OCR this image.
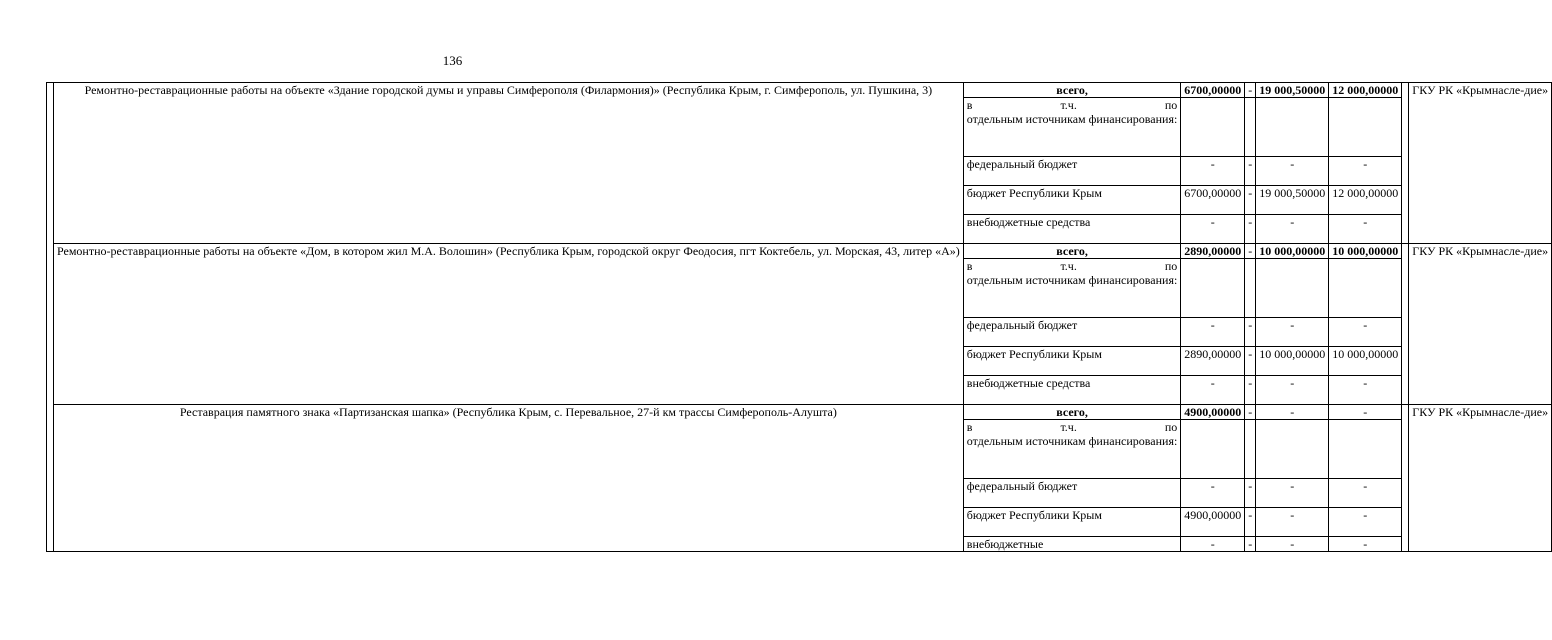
136
	Ремонтно-реставрационные работы на объекте «Здание городской думы и управы Симферополя (Филармония)» (Республика Крым, г. Симферополь, ул. Пушкина, 3)	всего,	6700,00000	-	19 000,50000	12 000,00000		ГКУ РК «Крымнасле-дие»

		в т.ч. по
отдельным источникам финансирования:						

		федеральный бюджет	-	-	-	-		
		бюджет Республики Крым	6700,00000	-	19 000,50000	12 000,00000		
		внебюджетные средства	-	-	-	-		
	Ремонтно-реставрационные работы на объекте «Дом, в котором жил М.А. Волошин» (Республика Крым, городской округ Феодосия, пгт Коктебель, ул. Морская, 43, литер «А»)	всего,	2890,00000	-	10 000,00000	10 000,00000		ГКУ РК «Крымнасле-дие»

		в т.ч. по
отдельным источникам финансирования:						

		федеральный бюджет	-	-	-	-		
		бюджет Республики Крым	2890,00000	-	10 000,00000	10 000,00000		
		внебюджетные средства	-	-	-	-		
	Реставрация памятного знака «Партизанская шапка» (Республика Крым, с. Перевальное, 27-й км трассы Симферополь-Алушта)	всего,	4900,00000	-	-	-		ГКУ РК «Крымнасле-дие»

		в т.ч. по
отдельным источникам финансирования:						

		федеральный бюджет	-	-	-	-		
		бюджет Республики Крым	4900,00000	-	-	-		
		внебюджетные	-	-	-	-		
